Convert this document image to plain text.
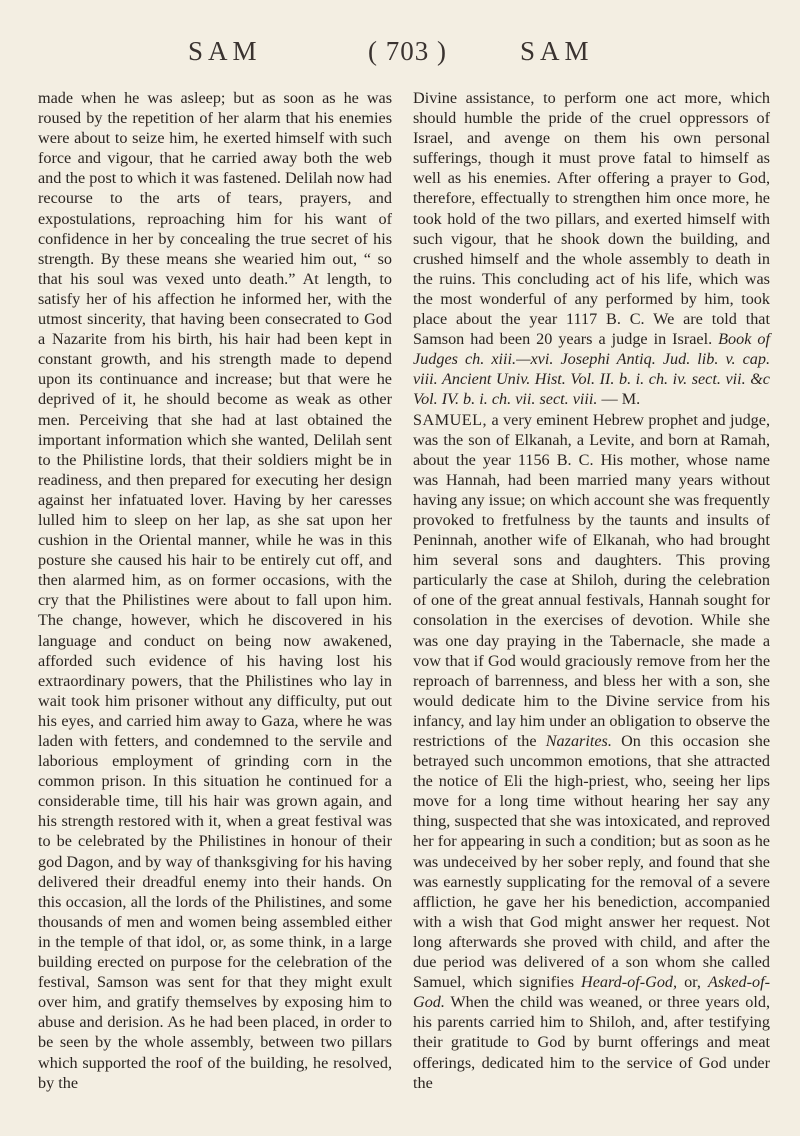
SAM	( 703 )	SAM

made when he was asleep; but as soon as he was roused by the repetition of her alarm that his enemies were about to seize him, he exerted himself with such force and vigour, that he carried away both the web and the post to which it was fastened. Delilah now had recourse to the arts of tears, prayers, and expostulations, reproaching him for his want of confidence in her by concealing the true secret of his strength. By these means she wearied him out, “ so that his soul was vexed unto death.” At length, to satisfy her of his affection he informed her, with the utmost sincerity, that having been consecrated to God a Nazarite from his birth, his hair had been kept in constant growth, and his strength made to depend upon its continuance and increase; but that were he deprived of it, he should become as weak as other men. Perceiving that she had at last obtained the important information which she wanted, Delilah sent to the Philistine lords, that their soldiers might be in readiness, and then prepared for executing her design against her infatuated lover. Having by her caresses lulled him to sleep on her lap, as she sat upon her cushion in the Oriental manner, while he was in this posture she caused his hair to be entirely cut off, and then alarmed him, as on former occasions, with the cry that the Philistines were about to fall upon him. The change, however, which he discovered in his language and conduct on being now awakened, afforded such evidence of his having lost his extraordinary powers, that the Philistines who lay in wait took him prisoner without any difficulty, put out his eyes, and carried him away to Gaza, where he was laden with fetters, and condemned to the servile and laborious employment of grinding corn in the common prison. In this situation he continued for a considerable time, till his hair was grown again, and his strength restored with it, when a great festival was to be celebrated by the Philistines in honour of their god Dagon, and by way of thanksgiving for his having delivered their dreadful enemy into their hands. On this occasion, all the lords of the Philistines, and some thousands of men and women being assembled either in the temple of that idol, or, as some think, in a large building erected on purpose for the celebration of the festival, Samson was sent for that they might exult over him, and gratify themselves by exposing him to abuse and derision. As he had been placed, in order to be seen by the whole assembly, between two pillars which supported the roof of the building, he resolved, by the

Divine assistance, to perform one act more, which should humble the pride of the cruel oppressors of Israel, and avenge on them his own personal sufferings, though it must prove fatal to himself as well as his enemies. After offering a prayer to God, therefore, effectually to strengthen him once more, he took hold of the two pillars, and exerted himself with such vigour, that he shook down the building, and crushed himself and the whole assembly to death in the ruins. This concluding act of his life, which was the most wonderful of any performed by him, took place about the year 1117 B. C. We are told that Samson had been 20 years a judge in Israel. Book of Judges ch. xiii.—xvi. Josephi Antiq. Jud. lib. v. cap. viii. Ancient Univ. Hist. Vol. II. b. i. ch. iv. sect. vii. &c Vol. IV. b. i. ch. vii. sect. viii. — M.

SAMUEL, a very eminent Hebrew prophet and judge, was the son of Elkanah, a Levite, and born at Ramah, about the year 1156 B. C. His mother, whose name was Hannah, had been married many years without having any issue; on which account she was frequently provoked to fretfulness by the taunts and insults of Peninnah, another wife of Elkanah, who had brought him several sons and daughters. This proving particularly the case at Shiloh, during the celebration of one of the great annual festivals, Hannah sought for consolation in the exercises of devotion. While she was one day praying in the Tabernacle, she made a vow that if God would graciously remove from her the reproach of barrenness, and bless her with a son, she would dedicate him to the Divine service from his infancy, and lay him under an obligation to observe the restrictions of the Nazarites. On this occasion she betrayed such uncommon emotions, that she attracted the notice of Eli the high-priest, who, seeing her lips move for a long time without hearing her say any thing, suspected that she was intoxicated, and reproved her for appearing in such a condition; but as soon as he was undeceived by her sober reply, and found that she was earnestly supplicating for the removal of a severe affliction, he gave her his benediction, accompanied with a wish that God might answer her request. Not long afterwards she proved with child, and after the due period was delivered of a son whom she called Samuel, which signifies Heard-of-God, or, Asked-of-God. When the child was weaned, or three years old, his parents carried him to Shiloh, and, after testifying their gratitude to God by burnt offerings and meat offerings, dedicated him to the service of God under the
